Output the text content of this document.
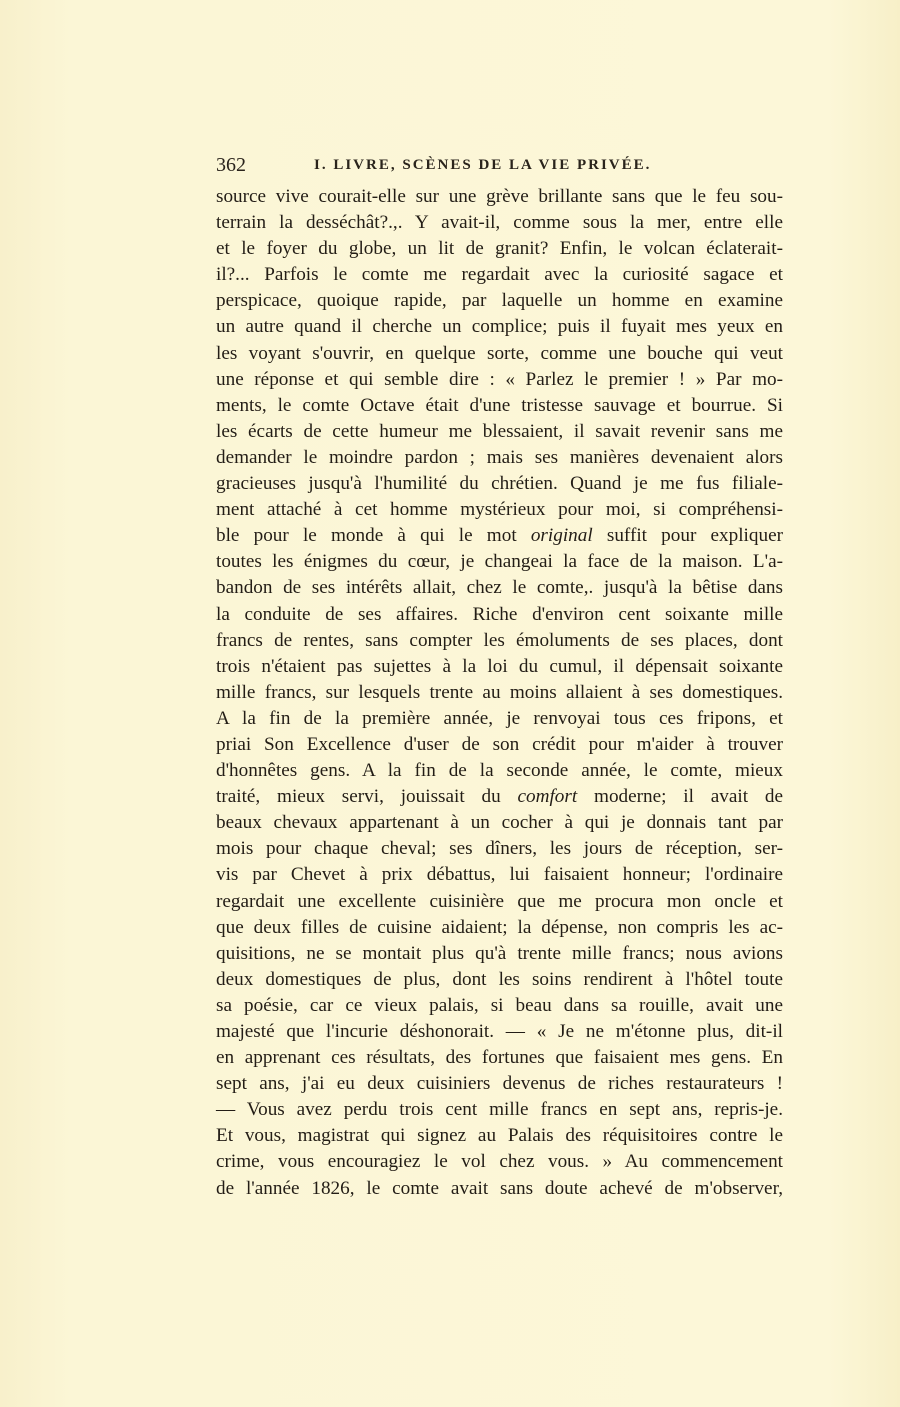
362	I. LIVRE, SCÈNES DE LA VIE PRIVÉE.
source vive courait-elle sur une grève brillante sans que le feu sou-
terrain la desséchât?.,. Y avait-il, comme sous la mer, entre elle
et le foyer du globe, un lit de granit? Enfin, le volcan éclaterait-
il?... Parfois le comte me regardait avec la curiosité sagace et
perspicace, quoique rapide, par laquelle un homme en examine
un autre quand il cherche un complice; puis il fuyait mes yeux en
les voyant s'ouvrir, en quelque sorte, comme une bouche qui veut
une réponse et qui semble dire : « Parlez le premier ! » Par mo-
ments, le comte Octave était d'une tristesse sauvage et bourrue. Si
les écarts de cette humeur me blessaient, il savait revenir sans me
demander le moindre pardon ; mais ses manières devenaient alors
gracieuses jusqu'à l'humilité du chrétien. Quand je me fus filiale-
ment attaché à cet homme mystérieux pour moi, si compréhensi-
ble pour le monde à qui le mot original suffit pour expliquer
toutes les énigmes du cœur, je changeai la face de la maison. L'a-
bandon de ses intérêts allait, chez le comte,. jusqu'à la bêtise dans
la conduite de ses affaires. Riche d'environ cent soixante mille
francs de rentes, sans compter les émoluments de ses places, dont
trois n'étaient pas sujettes à la loi du cumul, il dépensait soixante
mille francs, sur lesquels trente au moins allaient à ses domestiques.
A la fin de la première année, je renvoyai tous ces fripons, et
priai Son Excellence d'user de son crédit pour m'aider à trouver
d'honnêtes gens. A la fin de la seconde année, le comte, mieux
traité, mieux servi, jouissait du comfort moderne; il avait de
beaux chevaux appartenant à un cocher à qui je donnais tant par
mois pour chaque cheval; ses dîners, les jours de réception, ser-
vis par Chevet à prix débattus, lui faisaient honneur; l'ordinaire
regardait une excellente cuisinière que me procura mon oncle et
que deux filles de cuisine aidaient; la dépense, non compris les ac-
quisitions, ne se montait plus qu'à trente mille francs; nous avions
deux domestiques de plus, dont les soins rendirent à l'hôtel toute
sa poésie, car ce vieux palais, si beau dans sa rouille, avait une
majesté que l'incurie déshonorait. — « Je ne m'étonne plus, dit-il
en apprenant ces résultats, des fortunes que faisaient mes gens. En
sept ans, j'ai eu deux cuisiniers devenus de riches restaurateurs !
— Vous avez perdu trois cent mille francs en sept ans, repris-je.
Et vous, magistrat qui signez au Palais des réquisitoires contre le
crime, vous encouragiez le vol chez vous. » Au commencement
de l'année 1826, le comte avait sans doute achevé de m'observer,
